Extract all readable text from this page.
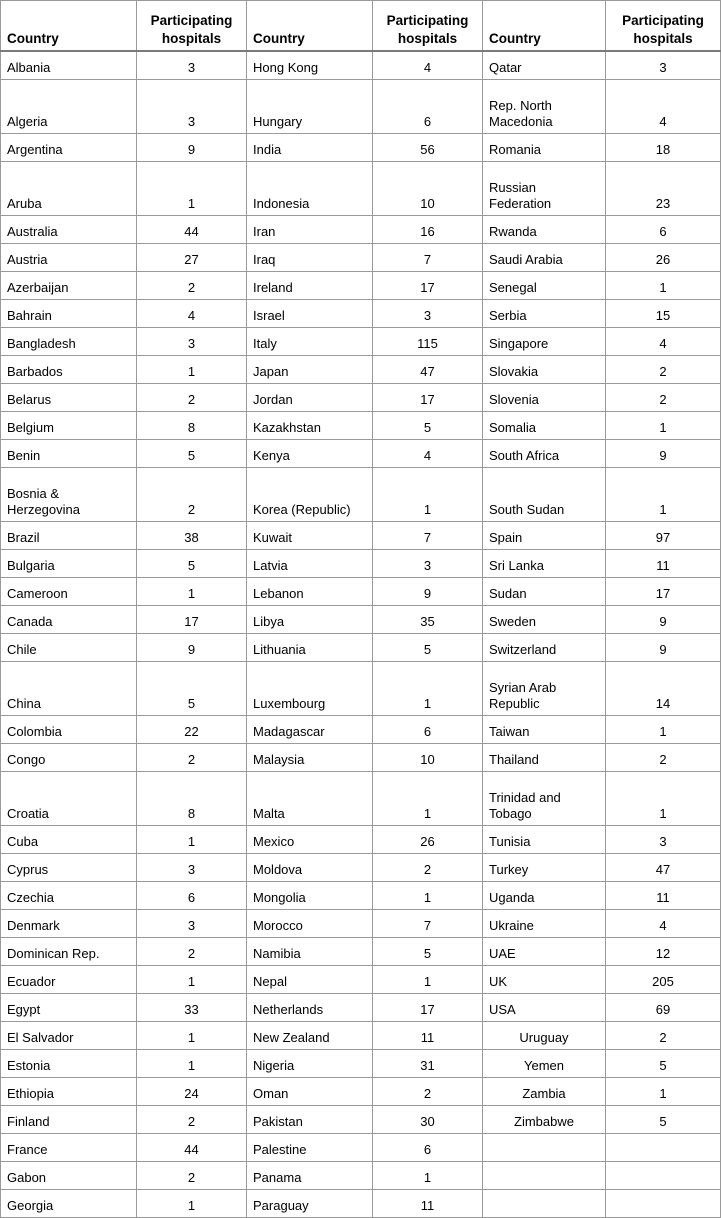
Country	Participating hospitals	Country	Participating hospitals	Country	Participating hospitals
Albania	3	Hong Kong	4	Qatar	3
Algeria	3	Hungary	6	Rep. North Macedonia	4
Argentina	9	India	56	Romania	18
Aruba	1	Indonesia	10	Russian Federation	23
Australia	44	Iran	16	Rwanda	6
Austria	27	Iraq	7	Saudi Arabia	26
Azerbaijan	2	Ireland	17	Senegal	1
Bahrain	4	Israel	3	Serbia	15
Bangladesh	3	Italy	115	Singapore	4
Barbados	1	Japan	47	Slovakia	2
Belarus	2	Jordan	17	Slovenia	2
Belgium	8	Kazakhstan	5	Somalia	1
Benin	5	Kenya	4	South Africa	9
Bosnia & Herzegovina	2	Korea (Republic)	1	South Sudan	1
Brazil	38	Kuwait	7	Spain	97
Bulgaria	5	Latvia	3	Sri Lanka	11
Cameroon	1	Lebanon	9	Sudan	17
Canada	17	Libya	35	Sweden	9
Chile	9	Lithuania	5	Switzerland	9
China	5	Luxembourg	1	Syrian Arab Republic	14
Colombia	22	Madagascar	6	Taiwan	1
Congo	2	Malaysia	10	Thailand	2
Croatia	8	Malta	1	Trinidad and Tobago	1
Cuba	1	Mexico	26	Tunisia	3
Cyprus	3	Moldova	2	Turkey	47
Czechia	6	Mongolia	1	Uganda	11
Denmark	3	Morocco	7	Ukraine	4
Dominican Rep.	2	Namibia	5	UAE	12
Ecuador	1	Nepal	1	UK	205
Egypt	33	Netherlands	17	USA	69
El Salvador	1	New Zealand	11	Uruguay	2
Estonia	1	Nigeria	31	Yemen	5
Ethiopia	24	Oman	2	Zambia	1
Finland	2	Pakistan	30	Zimbabwe	5
France	44	Palestine	6		
Gabon	2	Panama	1		
Georgia	1	Paraguay	11		
